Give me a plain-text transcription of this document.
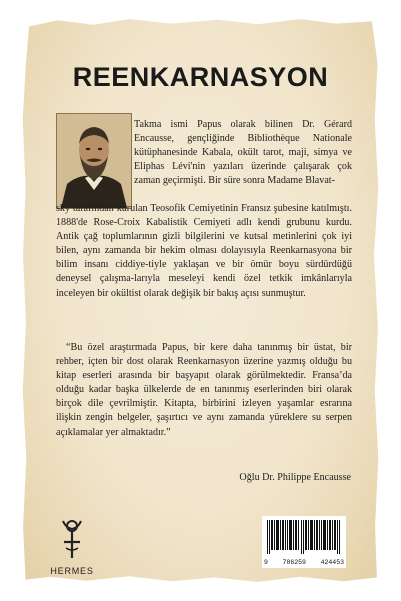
REENKARNASYON

Takma ismi Papus olarak bilinen Dr. Gérard Encausse, gençliğinde Bibliothèque Nationale kütüphanesinde Kabala, okült tarot, maji, simya ve Eliphas Lévi'nin yazıları üzerinde çalışarak çok zaman geçirmişti. Bir süre sonra Madame Blavat-

sky tarafından kurulan Teosofik Cemiyetinin Fransız şubesine katılmıştı. 1888'de Rose-Croix Kabalistik Cemiyeti adlı kendi grubunu kurdu. Antik çağ toplumlarının gizli bilgilerini ve kutsal metinlerini çok iyi bilen, aynı zamanda bir hekim olması dolayısıyla Reenkarnasyona bir bilim insanı ciddiye-tiyle yaklaşan ve bir ömür boyu sürdürdüğü deneysel çalışma-larıyla meseleyi kendi özel tetkik imkânlarıyla inceleyen bir okültist olarak değişik bir bakış açısı sunmuştur.

“Bu özel araştırmada Papus, bir kere daha tanınmış bir üstat, bir rehber, içten bir dost olarak Reenkarnasyon üzerine yazmış olduğu bu kitap eserleri arasında bir başyapıt olarak görülmektedir. Fransa’da olduğu kadar başka ülkelerde de en tanınmış eserlerinden biri olarak birçok dile çevrilmiştir. Kitapta, birbirini izleyen yaşamlar esrarına ilişkin zengin belgeler, şaşırtıcı ve aynı zamanda yüreklere su serpen açıklamalar yer almaktadır.”

Oğlu Dr. Philippe Encausse

HERMES

9 786259 424453
